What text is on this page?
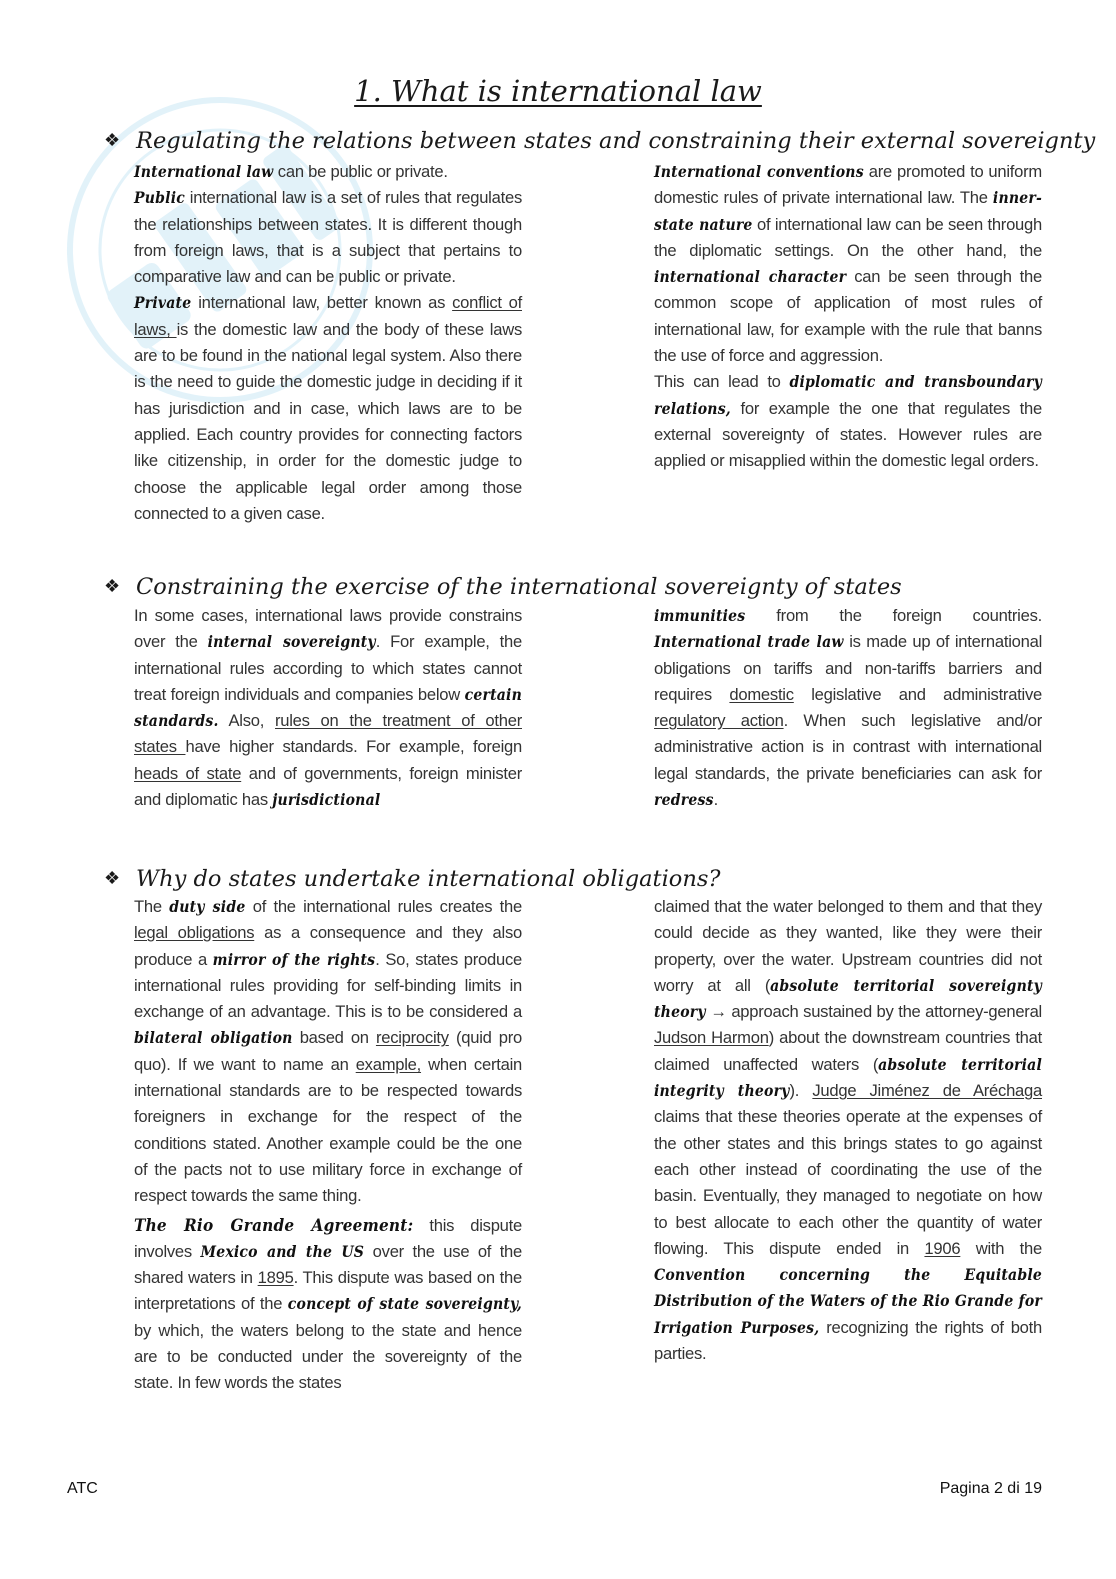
1. What is international law
❖ Regulating the relations between states and constraining their external sovereignty

International law can be public or private.

Public international law is a set of rules that regulates the relationships between states. It is different though from foreign laws, that is a subject that pertains to comparative law and can be public or private.

Private international law, better known as conflict of laws, is the domestic law and the body of these laws are to be found in the national legal system. Also there is the need to guide the domestic judge in deciding if it has jurisdiction and in case, which laws are to be applied. Each country provides for connecting factors like citizenship, in order for the domestic judge to choose the applicable legal order among those connected to a given case.

International conventions are promoted to uniform domestic rules of private international law. The inner-state nature of international law can be seen through the diplomatic settings. On the other hand, the international character can be seen through the common scope of application of most rules of international law, for example with the rule that banns the use of force and aggression.

This can lead to diplomatic and transboundary relations, for example the one that regulates the external sovereignty of states. However rules are applied or misapplied within the domestic legal orders.

❖ Constraining the exercise of the international sovereignty of states

In some cases, international laws provide constrains over the internal sovereignty. For example, the international rules according to which states cannot treat foreign individuals and companies below certain standards. Also, rules on the treatment of other states have higher standards. For example, foreign heads of state and of governments, foreign minister and diplomatic has jurisdictional

immunities from the foreign countries. International trade law is made up of international obligations on tariffs and non-tariffs barriers and requires domestic legislative and administrative regulatory action. When such legislative and/or administrative action is in contrast with international legal standards, the private beneficiaries can ask for redress.

❖ Why do states undertake international obligations?

The duty side of the international rules creates the legal obligations as a consequence and they also produce a mirror of the rights. So, states produce international rules providing for self-binding limits in exchange of an advantage. This is to be considered a bilateral obligation based on reciprocity (quid pro quo). If we want to name an example, when certain international standards are to be respected towards foreigners in exchange for the respect of the conditions stated. Another example could be the one of the pacts not to use military force in exchange of respect towards the same thing.

The Rio Grande Agreement: this dispute involves Mexico and the US over the use of the shared waters in 1895. This dispute was based on the interpretations of the concept of state sovereignty, by which, the waters belong to the state and hence are to be conducted under the sovereignty of the state. In few words the states

claimed that the water belonged to them and that they could decide as they wanted, like they were their property, over the water. Upstream countries did not worry at all (absolute territorial sovereignty theory → approach sustained by the attorney-general Judson Harmon) about the downstream countries that claimed unaffected waters (absolute territorial integrity theory). Judge Jiménez de Aréchaga claims that these theories operate at the expenses of the other states and this brings states to go against each other instead of coordinating the use of the basin. Eventually, they managed to negotiate on how to best allocate to each other the quantity of water flowing. This dispute ended in 1906 with the Convention concerning the Equitable Distribution of the Waters of the Rio Grande for Irrigation Purposes, recognizing the rights of both parties.

ATC	Pagina 2 di 19
